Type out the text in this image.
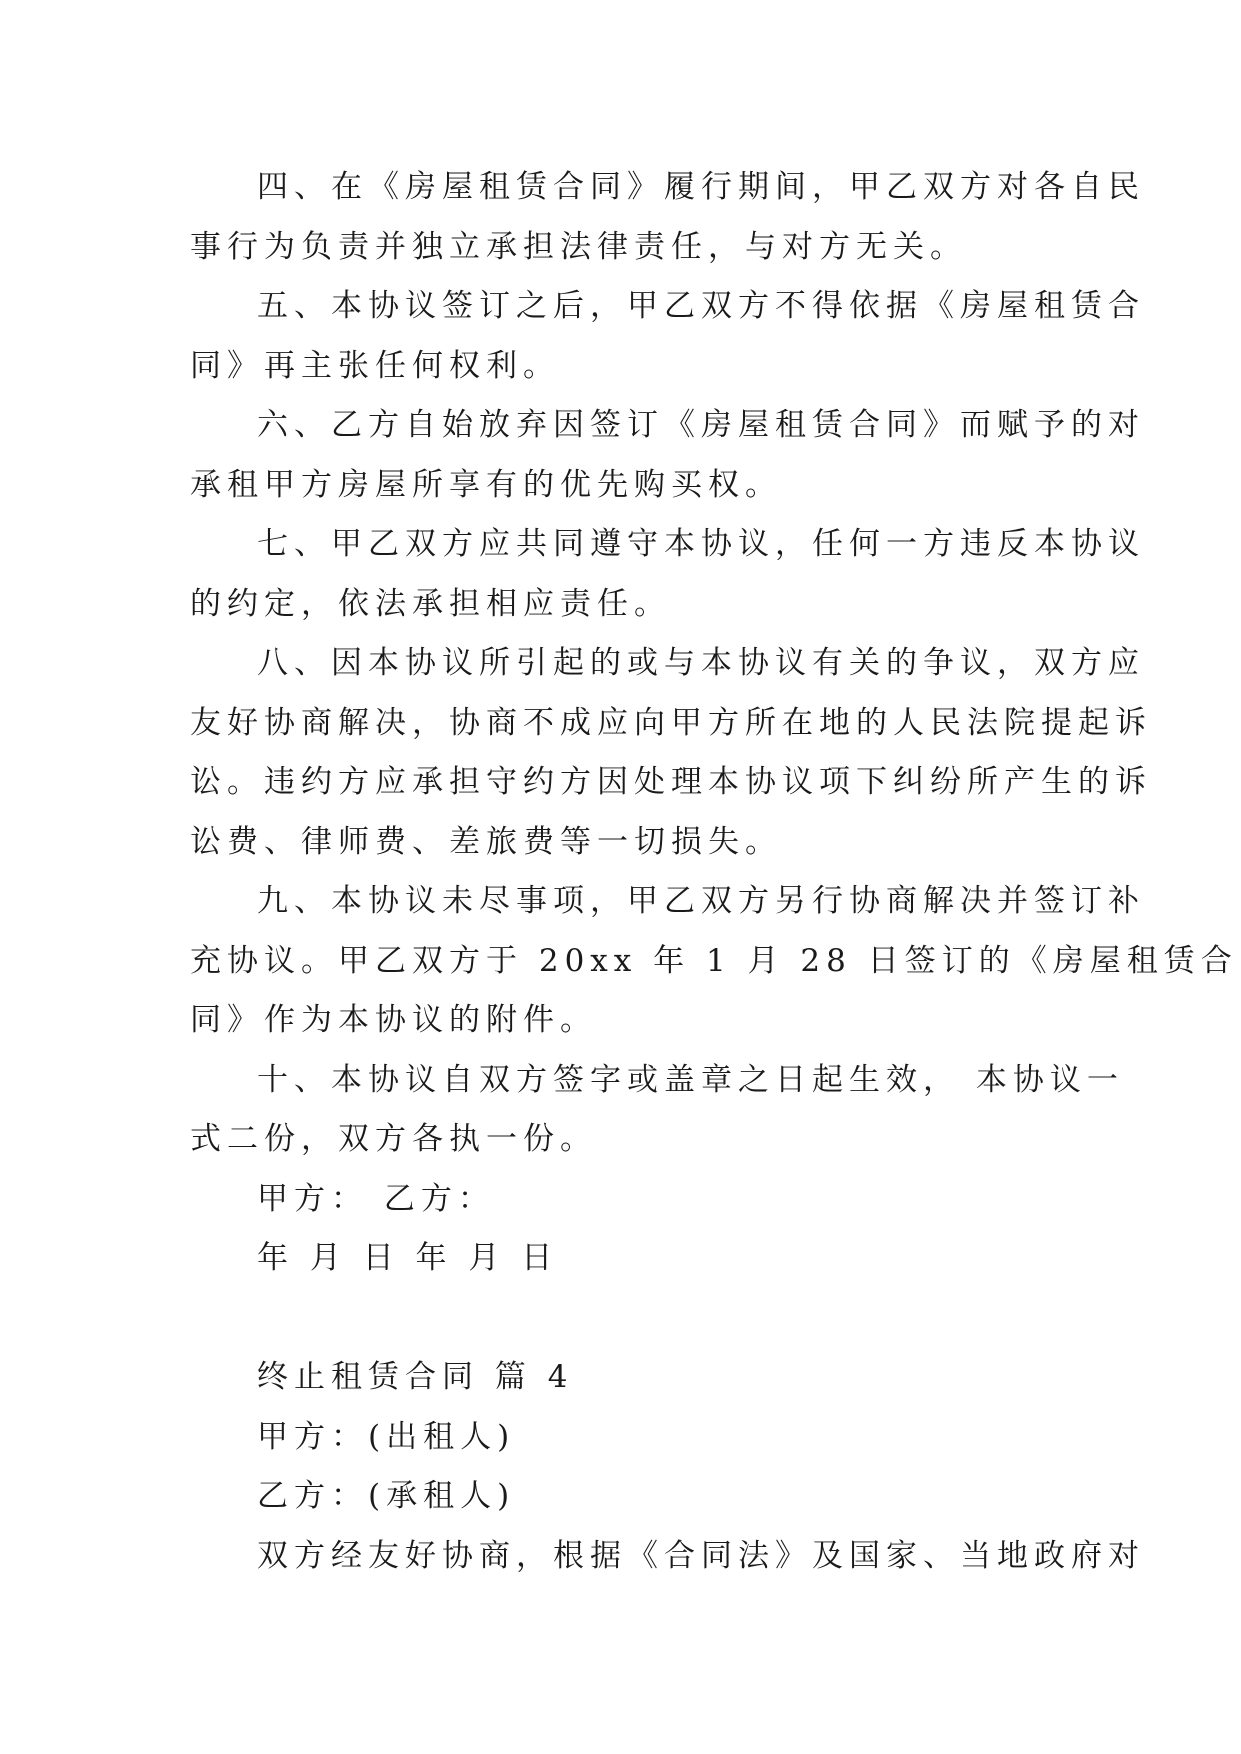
四、在《房屋租赁合同》履行期间，甲乙双方对各自民
事行为负责并独立承担法律责任，与对方无关。
五、本协议签订之后，甲乙双方不得依据《房屋租赁合
同》再主张任何权利。
六、乙方自始放弃因签订《房屋租赁合同》而赋予的对
承租甲方房屋所享有的优先购买权。
七、甲乙双方应共同遵守本协议，任何一方违反本协议
的约定，依法承担相应责任。
八、因本协议所引起的或与本协议有关的争议，双方应
友好协商解决，协商不成应向甲方所在地的人民法院提起诉
讼。违约方应承担守约方因处理本协议项下纠纷所产生的诉
讼费、律师费、差旅费等一切损失。
九、本协议未尽事项，甲乙双方另行协商解决并签订补
充协议。甲乙双方于 20xx 年 1 月 28 日签订的《房屋租赁合
同》作为本协议的附件。
十、本协议自双方签字或盖章之日起生效， 本协议一
式二份，双方各执一份。
甲方： 乙方：
年 月 日 年 月 日
终止租赁合同 篇 4
甲方：(出租人)
乙方：(承租人)
双方经友好协商，根据《合同法》及国家、当地政府对
